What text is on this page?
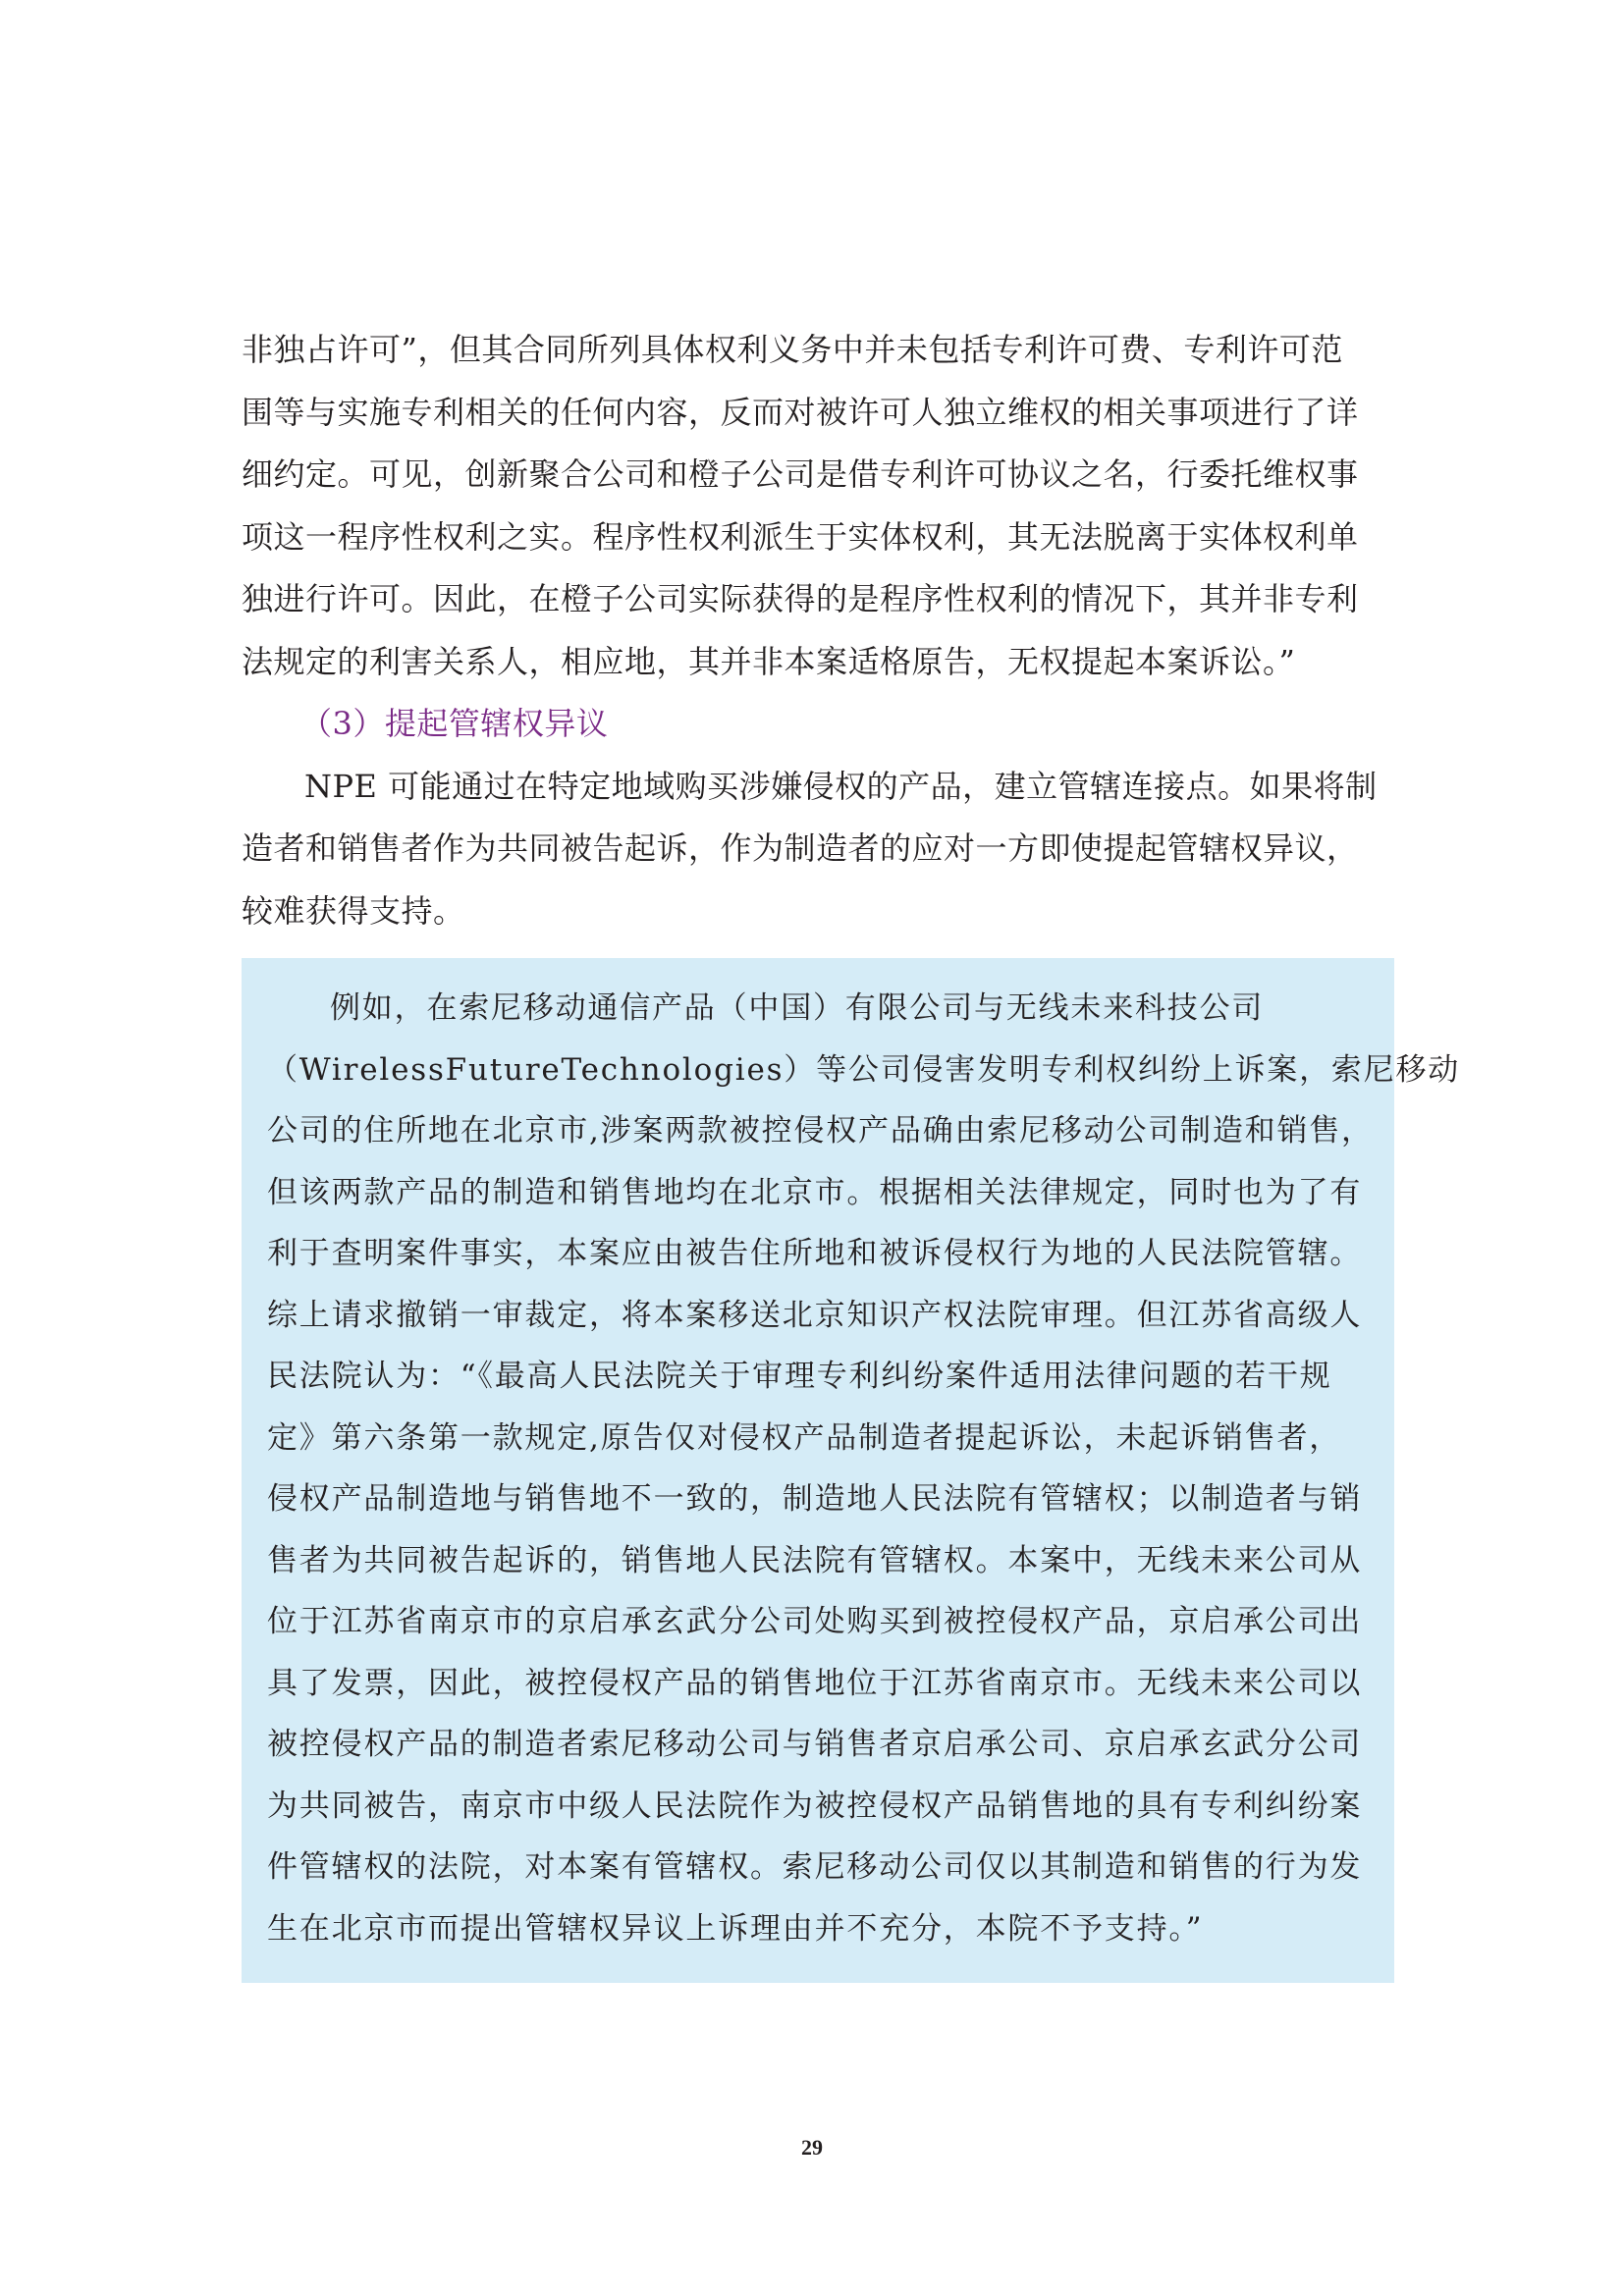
非独占许可”，但其合同所列具体权利义务中并未包括专利许可费、专利许可范
围等与实施专利相关的任何内容，反而对被许可人独立维权的相关事项进行了详
细约定。可见，创新聚合公司和橙子公司是借专利许可协议之名，行委托维权事
项这一程序性权利之实。程序性权利派生于实体权利，其无法脱离于实体权利单
独进行许可。因此，在橙子公司实际获得的是程序性权利的情况下，其并非专利
法规定的利害关系人，相应地，其并非本案适格原告，无权提起本案诉讼。”

（3）提起管辖权异议

NPE 可能通过在特定地域购买涉嫌侵权的产品，建立管辖连接点。如果将制
造者和销售者作为共同被告起诉，作为制造者的应对一方即使提起管辖权异议，
较难获得支持。

例如，在索尼移动通信产品（中国）有限公司与无线未来科技公司
（WirelessFutureTechnologies）等公司侵害发明专利权纠纷上诉案，索尼移动
公司的住所地在北京市,涉案两款被控侵权产品确由索尼移动公司制造和销售，
但该两款产品的制造和销售地均在北京市。根据相关法律规定，同时也为了有
利于查明案件事实，本案应由被告住所地和被诉侵权行为地的人民法院管辖。
综上请求撤销一审裁定，将本案移送北京知识产权法院审理。但江苏省高级人
民法院认为：“《最高人民法院关于审理专利纠纷案件适用法律问题的若干规
定》第六条第一款规定,原告仅对侵权产品制造者提起诉讼，未起诉销售者，
侵权产品制造地与销售地不一致的，制造地人民法院有管辖权；以制造者与销
售者为共同被告起诉的，销售地人民法院有管辖权。本案中，无线未来公司从
位于江苏省南京市的京启承玄武分公司处购买到被控侵权产品，京启承公司出
具了发票，因此，被控侵权产品的销售地位于江苏省南京市。无线未来公司以
被控侵权产品的制造者索尼移动公司与销售者京启承公司、京启承玄武分公司
为共同被告，南京市中级人民法院作为被控侵权产品销售地的具有专利纠纷案
件管辖权的法院，对本案有管辖权。索尼移动公司仅以其制造和销售的行为发
生在北京市而提出管辖权异议上诉理由并不充分，本院不予支持。”

29
